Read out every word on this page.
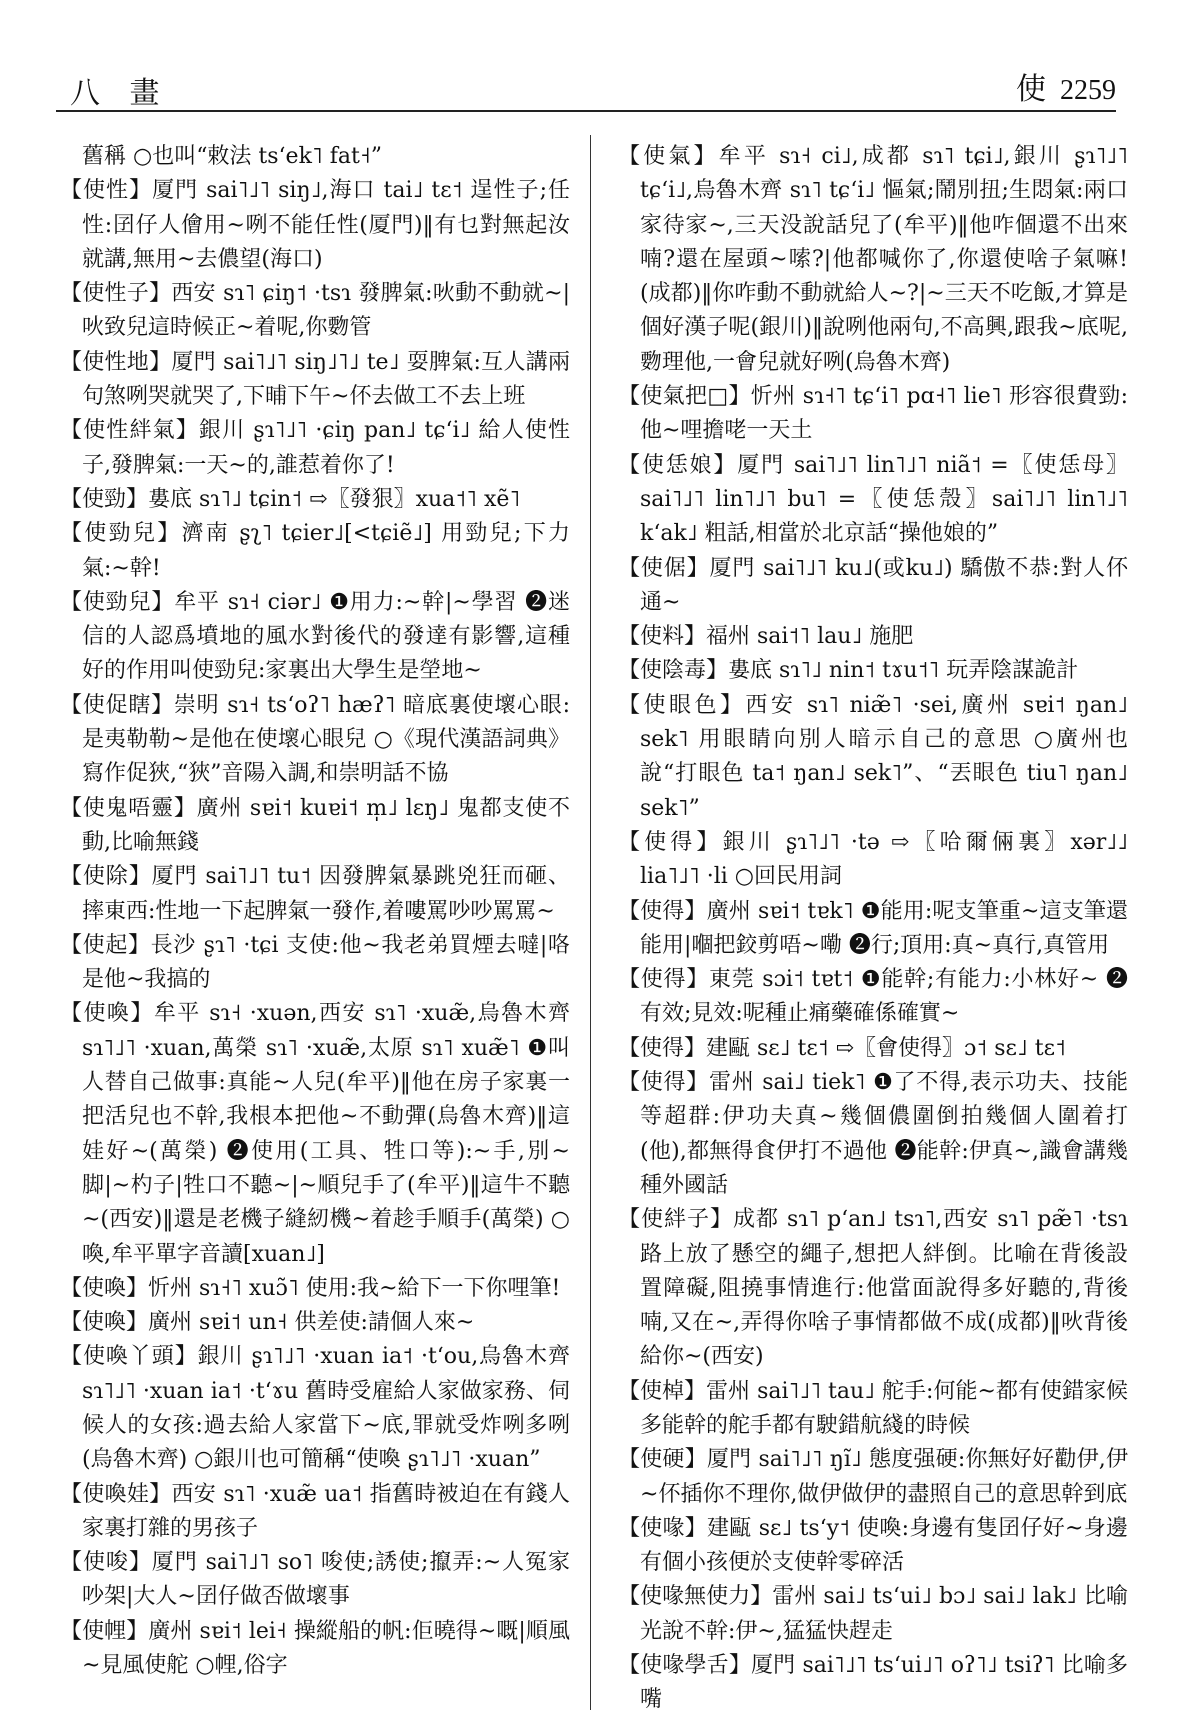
八 畫	使 2259

舊稱 ○也叫“敕法 tsʻek˥ fat˧”

【使性】厦門 sai˥˩˥ siŋ˩,海口 tai˩ tɛ˦ 逞性子;任性:囝仔人儈用~咧不能任性(厦門)‖有乜對無起汝就講,無用~去儂望(海口)

【使性子】西安 sɿ˥ ɕiŋ˦ ·tsɿ 發脾氣:吙動不動就~|吙致兒這時候正~着呢,你覅管

【使性地】厦門 sai˥˩˥ siŋ˩˥˩ te˩ 耍脾氣:互人講兩句煞咧哭就哭了,下晡下午~伓去做工不去上班

【使性絆氣】銀川 ʂɿ˥˩˥ ·ɕiŋ pan˩ tɕʻi˩ 給人使性子,發脾氣:一天~的,誰惹着你了!

【使勁】婁底 sɿ˥˩ tɕin˦ ⇨〖發狠〗xua˦˥ xẽ˥

【使勁兒】濟南 ʂʅ˥ tɕier˩[<tɕiẽ˩] 用勁兒;下力氣:~幹!

【使勁兒】牟平 sɿ˧ ciər˩ ❶用力:~幹|~學習 ❷迷信的人認爲墳地的風水對後代的發達有影響,這種好的作用叫使勁兒:家裏出大學生是塋地~

【使促瞎】崇明 sɿ˧ tsʻoʔ˥ hæʔ˥ 暗底裏使壞心眼:是夷勒勒~是他在使壞心眼兒 ○《現代漢語詞典》寫作促狹,“狹”音陽入調,和崇明話不協

【使鬼唔靈】廣州 sɐi˦ kuɐi˦ m̩˩ lɛŋ˩ 鬼都支使不動,比喻無錢

【使除】厦門 sai˥˩˥ tu˦ 因發脾氣暴跳兇狂而砸、摔東西:性地一下起脾氣一發作,着嘍罵吵吵罵罵~

【使起】長沙 ʂɿ˥ ·tɕi 支使:他~我老弟買煙去噠|咯是他~我搞的

【使喚】牟平 sɿ˧ ·xuən,西安 sɿ˥ ·xuæ̃,烏魯木齊 sɿ˥˩˥ ·xuan,萬榮 sɿ˥ ·xuæ̃,太原 sɿ˥ xuæ̃˥ ❶叫人替自己做事:真能~人兒(牟平)‖他在房子家裏一把活兒也不幹,我根本把他~不動彈(烏魯木齊)‖這娃好~(萬榮) ❷使用(工具、牲口等):~手,別~脚|~杓子|牲口不聽~|~順兒手了(牟平)‖這牛不聽~(西安)‖還是老機子縫紉機~着趁手順手(萬榮) ○喚,牟平單字音讀[xuan˩]

【使喚】忻州 sɿ˧˥ xuɔ̃˥ 使用:我~給下一下你哩筆!

【使喚】廣州 sɐi˦ un˧ 供差使:請個人來~

【使喚丫頭】銀川 ʂɿ˥˩˥ ·xuan ia˦ ·tʻou,烏魯木齊 sɿ˥˩˥ ·xuan ia˦ ·tʻɤu 舊時受雇給人家做家務、伺候人的女孩:過去給人家當下~底,罪就受炸咧多咧(烏魯木齊) ○銀川也可簡稱“使喚 ʂɿ˥˩˥ ·xuan”

【使喚娃】西安 sɿ˥ ·xuæ̃ ua˦ 指舊時被迫在有錢人家裏打雜的男孩子

【使唆】厦門 sai˥˩˥ so˥ 唆使;誘使;攛弄:~人冤家吵架|大人~囝仔做否做壞事

【使𢃇】廣州 sɐi˦ lei˧ 操縱船的帆:佢曉得~嘅|順風~見風使舵 ○𢃇,俗字

【使氣】牟平 sɿ˧ ci˩,成都 sɿ˥ tɕi˩,銀川 ʂɿ˥˩˥ tɕʻi˩,烏魯木齊 sɿ˥ tɕʻi˩ 慪氣;鬧別扭;生悶氣:兩口家待家~,三天没說話兒了(牟平)‖他咋個還不出來喃?還在屋頭~嗦?|他都喊你了,你還使啥子氣嘛!(成都)‖你咋動不動就給人~?|~三天不吃飯,才算是個好漢子呢(銀川)‖說咧他兩句,不高興,跟我~底呢,覅理他,一會兒就好咧(烏魯木齊)

【使氣把□】忻州 sɿ˧˥ tɕʻi˥ pɑ˧˥ lie˥ 形容很費勁:他~哩擔咾一天土

【使恁娘】厦門 sai˥˩˥ lin˥˩˥ niã˦ =〖使恁母〗sai˥˩˥ lin˥˩˥ bu˥ =〖使恁殼〗sai˥˩˥ lin˥˩˥ kʻak˩ 粗話,相當於北京話“操他娘的”

【使倨】厦門 sai˥˩˥ ku˩(或ku˩) 驕傲不恭:對人伓通~

【使料】福州 sai˦˥ lau˩ 施肥

【使陰毒】婁底 sɿ˥˩ nin˦ tɤu˦˥ 玩弄陰謀詭計

【使眼色】西安 sɿ˥ niæ̃˥ ·sei,廣州 sɐi˦ ŋan˩ sek˥ 用眼睛向別人暗示自己的意思 ○廣州也說“打眼色 ta˦ ŋan˩ sek˥”、“丟眼色 tiu˥ ŋan˩ sek˥”

【使得】銀川 ʂɿ˥˩˥ ·tə ⇨〖哈爾倆裏〗xər˩˩ lia˥˩˥ ·li ○回民用詞

【使得】廣州 sɐi˦ tɐk˥ ❶能用:呢支筆重~這支筆還能用|嗰把鉸剪唔~嘞 ❷行;頂用:真~真行,真管用

【使得】東莞 sɔi˦ tɐt˦ ❶能幹;有能力:小林好~ ❷有效;見效:呢種止痛藥確係確實~

【使得】建甌 sɛ˩ tɛ˦ ⇨〖會使得〗ɔ˦ sɛ˩ tɛ˦

【使得】雷州 sai˩ tiek˥ ❶了不得,表示功夫、技能等超群:伊功夫真~幾個儂圍倒拍幾個人圍着打(他),都無得食伊打不過他 ❷能幹:伊真~,識會講幾種外國話

【使絆子】成都 sɿ˥ pʻan˩ tsɿ˥,西安 sɿ˥ pæ̃˥ ·tsɿ 路上放了懸空的繩子,想把人絆倒。比喻在背後設置障礙,阻撓事情進行:他當面說得多好聽的,背後喃,又在~,弄得你啥子事情都做不成(成都)‖吙背後給你~(西安)

【使棹】雷州 sai˥˩˥ tau˩ 舵手:何能~都有使錯家候多能幹的舵手都有駛錯航綫的時候

【使硬】厦門 sai˥˩˥ ŋĩ˩ 態度强硬:你無好好勸伊,伊~伓插你不理你,做伊做伊的盡照自己的意思幹到底

【使喙】建甌 sɛ˩ tsʻy˦ 使喚:身邊有隻囝仔好~身邊有個小孩便於支使幹零碎活

【使喙無使力】雷州 sai˩ tsʻui˩ bɔ˩ sai˩ lak˩ 比喻光說不幹:伊~,猛猛快趕走

【使喙學舌】厦門 sai˥˩˥ tsʻui˩˥ oʔ˥˩ tsiʔ˥ 比喻多嘴
